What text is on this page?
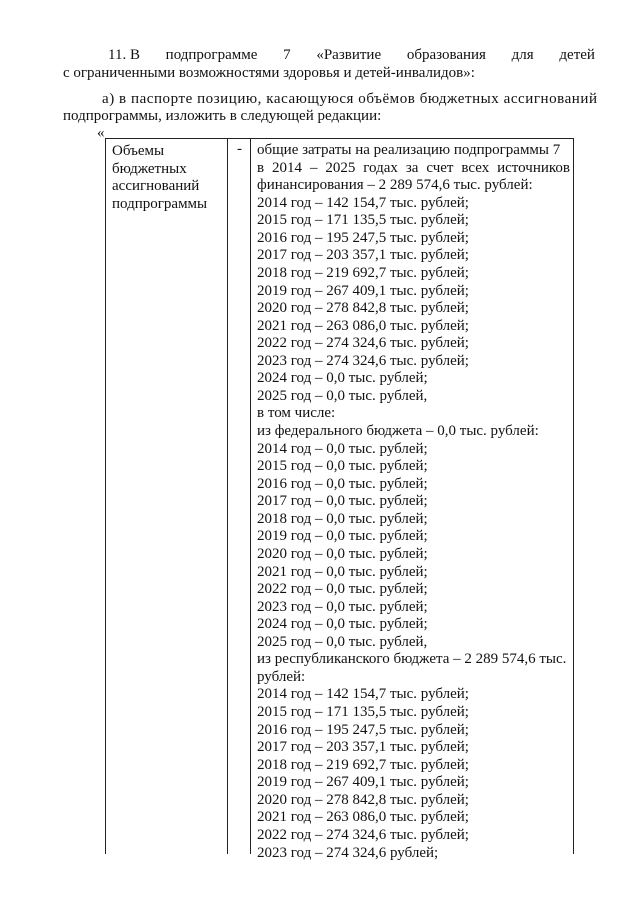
11. В подпрограмме 7 «Развитие образования для детей
с ограниченными возможностями здоровья и детей-инвалидов»:
а) в паспорте позицию, касающуюся объёмов бюджетных ассигнований
подпрограммы, изложить в следующей редакции:
«
Объемы
бюджетных
ассигнований
подпрограммы
- общие затраты на реализацию подпрограммы 7
в 2014 – 2025 годах за счет всех источников
финансирования – 2 289 574,6 тыс. рублей:
2014 год – 142 154,7 тыс. рублей;
2015 год – 171 135,5 тыс. рублей;
2016 год – 195 247,5 тыс. рублей;
2017 год – 203 357,1 тыс. рублей;
2018 год – 219 692,7 тыс. рублей;
2019 год – 267 409,1 тыс. рублей;
2020 год – 278 842,8 тыс. рублей;
2021 год – 263 086,0 тыс. рублей;
2022 год – 274 324,6 тыс. рублей;
2023 год – 274 324,6 тыс. рублей;
2024 год – 0,0 тыс. рублей;
2025 год – 0,0 тыс. рублей,
в том числе:
из федерального бюджета – 0,0 тыс. рублей:
2014 год – 0,0 тыс. рублей;
2015 год – 0,0 тыс. рублей;
2016 год – 0,0 тыс. рублей;
2017 год – 0,0 тыс. рублей;
2018 год – 0,0 тыс. рублей;
2019 год – 0,0 тыс. рублей;
2020 год – 0,0 тыс. рублей;
2021 год – 0,0 тыс. рублей;
2022 год – 0,0 тыс. рублей;
2023 год – 0,0 тыс. рублей;
2024 год – 0,0 тыс. рублей;
2025 год – 0,0 тыс. рублей,
из республиканского бюджета – 2 289 574,6 тыс.
рублей:
2014 год – 142 154,7 тыс. рублей;
2015 год – 171 135,5 тыс. рублей;
2016 год – 195 247,5 тыс. рублей;
2017 год – 203 357,1 тыс. рублей;
2018 год – 219 692,7 тыс. рублей;
2019 год – 267 409,1 тыс. рублей;
2020 год – 278 842,8 тыс. рублей;
2021 год – 263 086,0 тыс. рублей;
2022 год – 274 324,6 тыс. рублей;
2023 год – 274 324,6 рублей;
